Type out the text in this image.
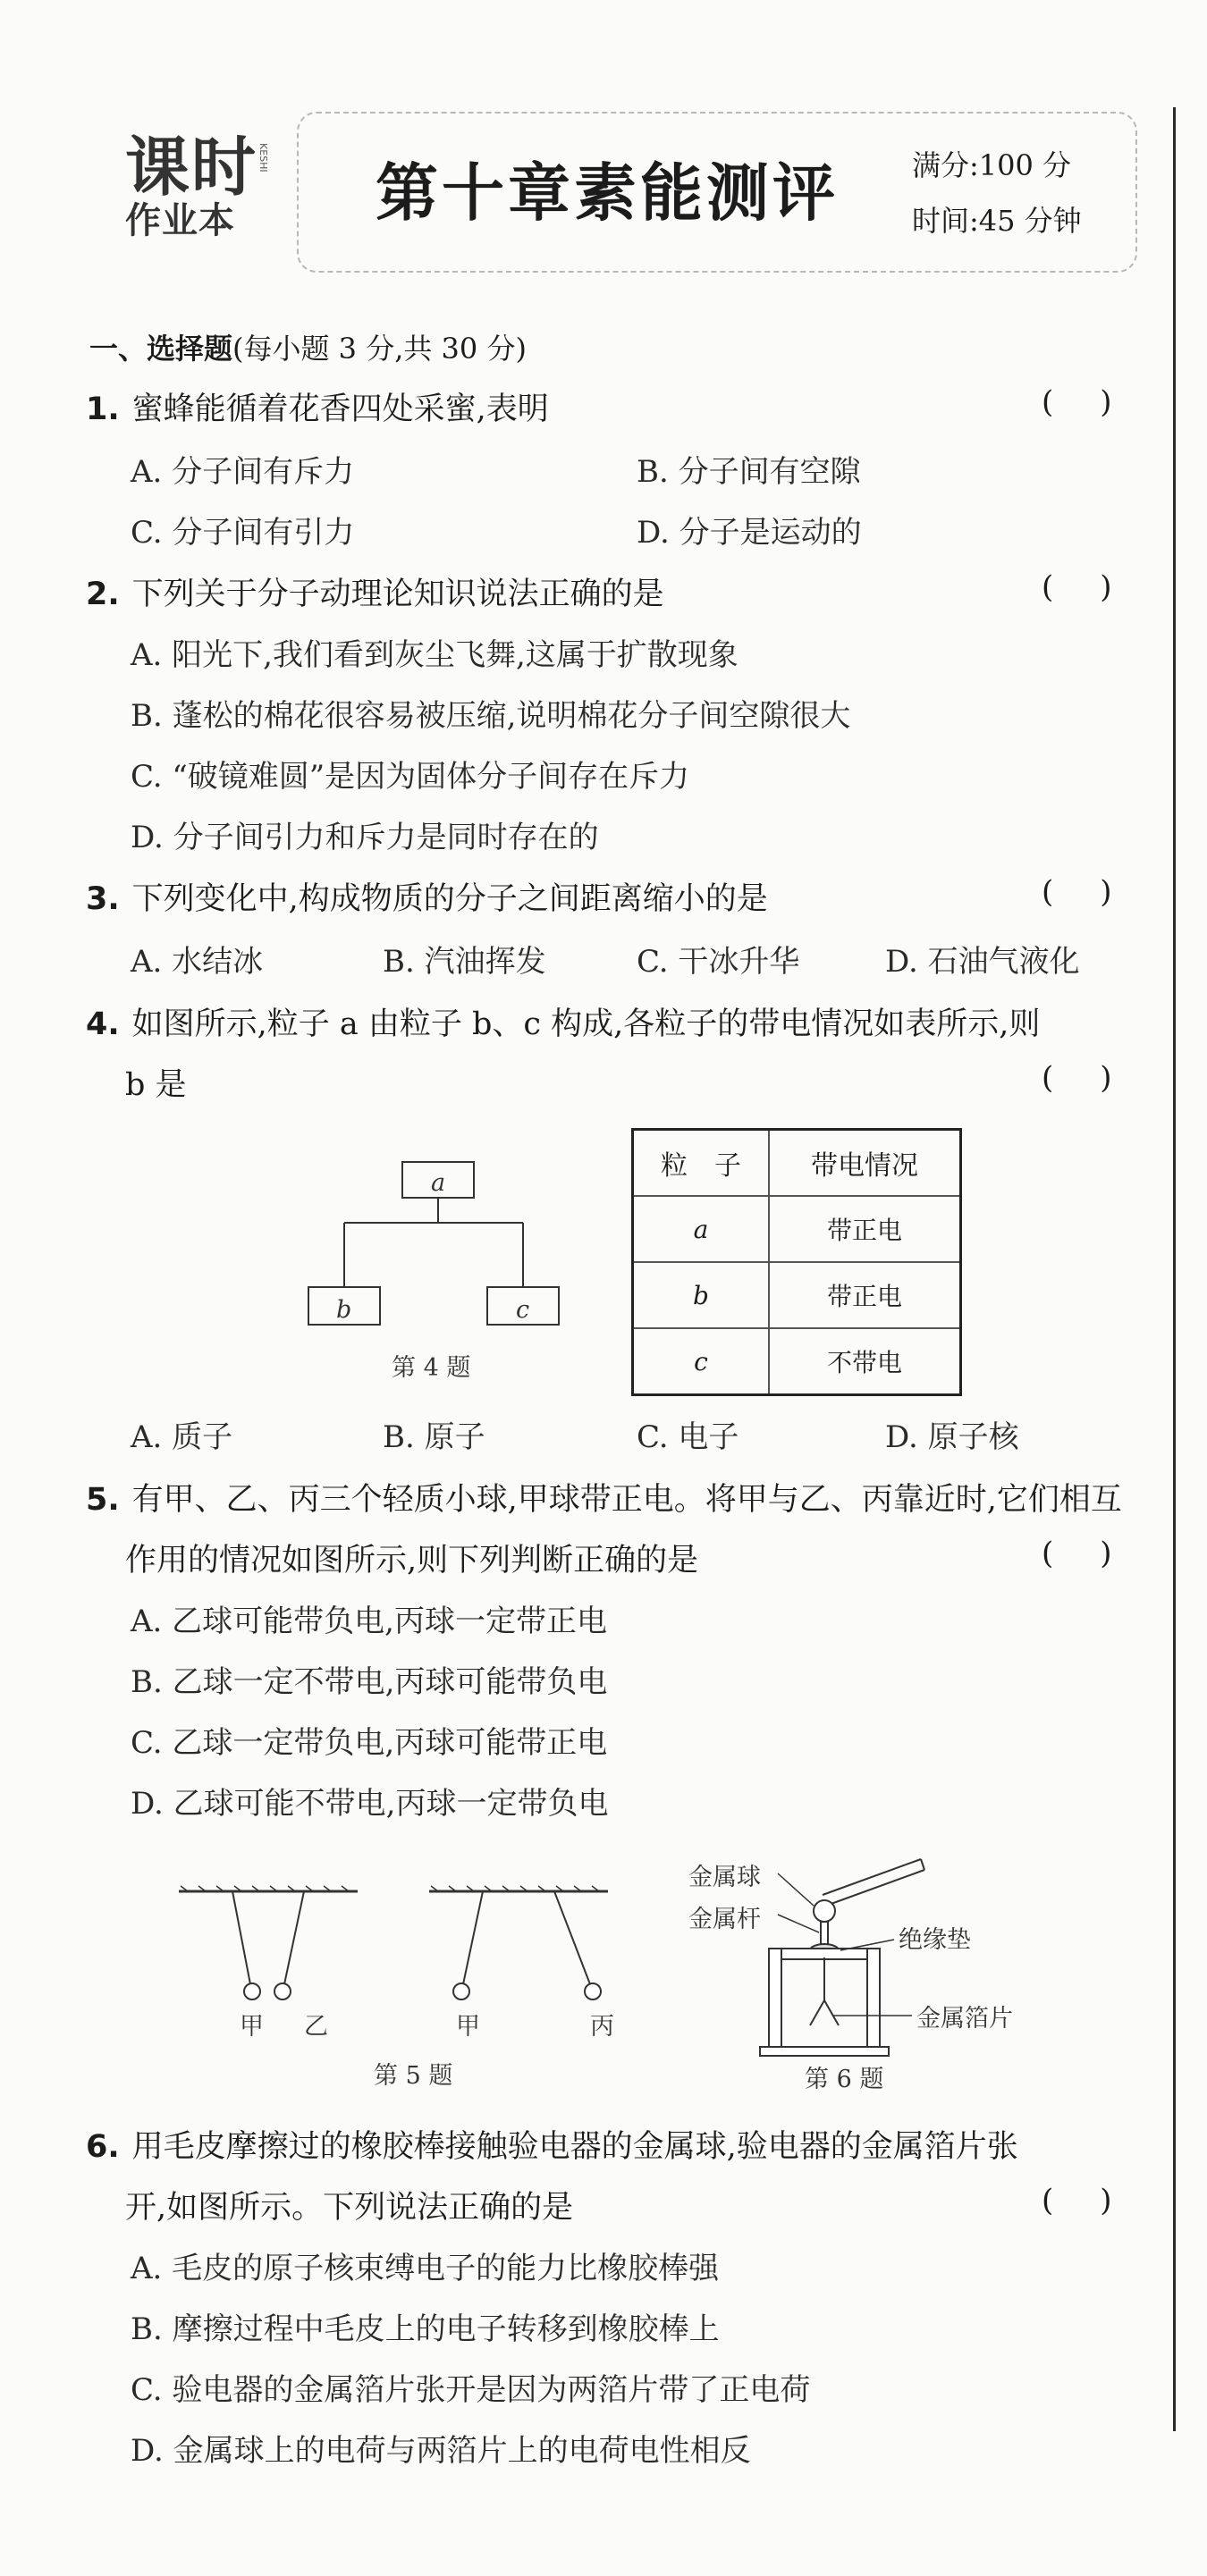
课时
作业本
KESHI 第十章素能测评	满分:100 分
时间:45 分钟
一、选择题(每小题 3 分,共 30 分)
1. 蜜蜂能循着花香四处采蜜,表明
( )
A. 分子间有斥力	B. 分子间有空隙
C. 分子间有引力	D. 分子是运动的
2. 下列关于分子动理论知识说法正确的是
( )
A. 阳光下,我们看到灰尘飞舞,这属于扩散现象
B. 蓬松的棉花很容易被压缩,说明棉花分子间空隙很大
C. “破镜难圆”是因为固体分子间存在斥力
D. 分子间引力和斥力是同时存在的
3. 下列变化中,构成物质的分子之间距离缩小的是
( )
A. 水结冰	B. 汽油挥发	C. 干冰升华	D. 石油气液化
4. 如图所示,粒子 a 由粒子 b、c 构成,各粒子的带电情况如表所示,则
b 是
( )
a
b	c
第 4 题
粒　子	带电情况
a	带正电
b	带正电
c	不带电
A. 质子	B. 原子	C. 电子	D. 原子核
5. 有甲、乙、丙三个轻质小球,甲球带正电。将甲与乙、丙靠近时,它们相互
作用的情况如图所示,则下列判断正确的是
( )
A. 乙球可能带负电,丙球一定带正电
B. 乙球一定不带电,丙球可能带负电
C. 乙球一定带负电,丙球可能带正电
D. 乙球可能不带电,丙球一定带负电
甲 乙	甲	丙
第 5 题
金属球
金属杆
绝缘垫
金属箔片
第 6 题
6. 用毛皮摩擦过的橡胶棒接触验电器的金属球,验电器的金属箔片张
开,如图所示。下列说法正确的是
( )
A. 毛皮的原子核束缚电子的能力比橡胶棒强
B. 摩擦过程中毛皮上的电子转移到橡胶棒上
C. 验电器的金属箔片张开是因为两箔片带了正电荷
D. 金属球上的电荷与两箔片上的电荷电性相反
